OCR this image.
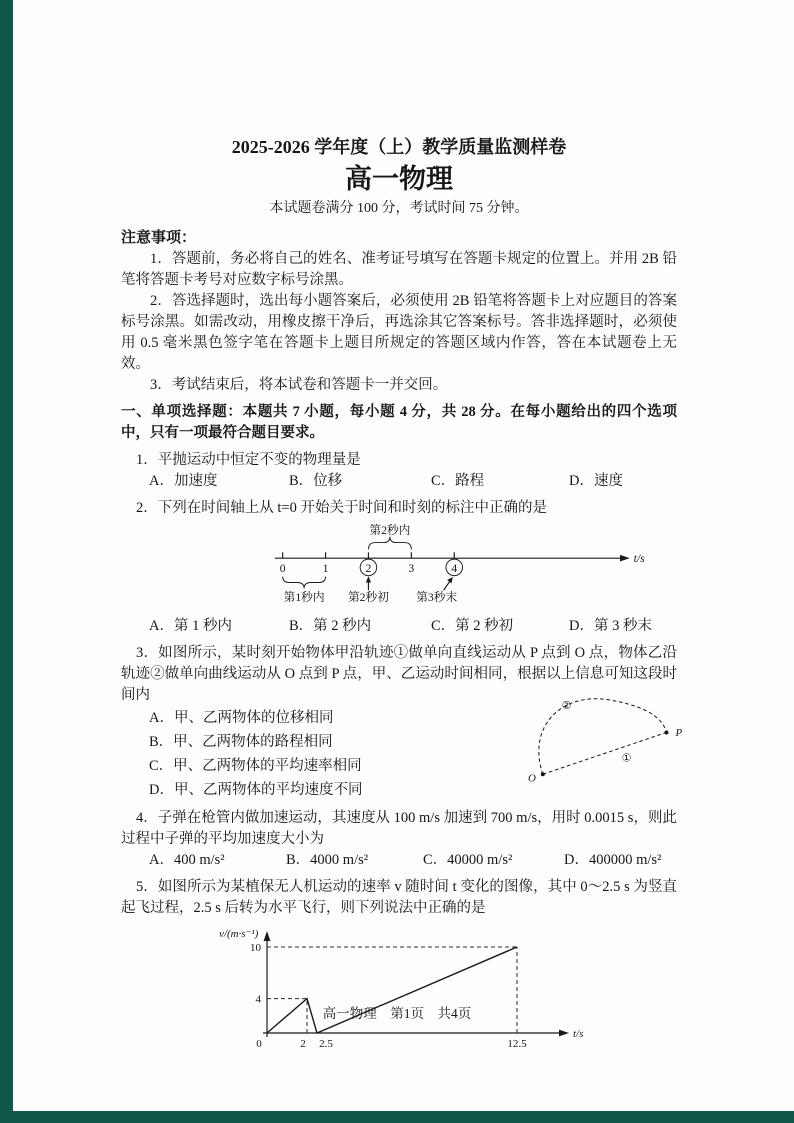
2025-2026 学年度（上）教学质量监测样卷
高一物理
本试题卷满分 100 分，考试时间 75 分钟。
注意事项：

1．答题前，务必将自己的姓名、准考证号填写在答题卡规定的位置上。并用 2B 铅笔将答题卡考号对应数字标号涂黑。

2．答选择题时，选出每小题答案后，必须使用 2B 铅笔将答题卡上对应题目的答案标号涂黑。如需改动，用橡皮擦干净后，再选涂其它答案标号。答非选择题时，必须使用 0.5 毫米黑色签字笔在答题卡上题目所规定的答题区域内作答，答在本试题卷上无效。

3．考试结束后，将本试卷和答题卡一并交回。

一、单项选择题：本题共 7 小题，每小题 4 分，共 28 分。在每小题给出的四个选项中，只有一项最符合题目要求。
1．平抛运动中恒定不变的物理量是
A．加速度	B．位移	C．路程	D．速度
2．下列在时间轴上从 t=0 开始关于时间和时刻的标注中正确的是
第2秒内
t/s
0	1	2	3	4
第1秒内 第2秒初 第3秒末
A．第 1 秒内	B．第 2 秒内	C．第 2 秒初	D．第 3 秒末
3．如图所示，某时刻开始物体甲沿轨迹①做单向直线运动从 P 点到 O 点，物体乙沿轨迹②做单向曲线运动从 O 点到 P 点，甲、乙运动时间相同，根据以上信息可知这段时间内
A．甲、乙两物体的位移相同
B．甲、乙两物体的路程相同
C．甲、乙两物体的平均速率相同
D．甲、乙两物体的平均速度不同
O
P
②
①
4．子弹在枪管内做加速运动，其速度从 100 m/s 加速到 700 m/s，用时 0.0015 s，则此过程中子弹的平均加速度大小为
A．400 m/s²	B．4000 m/s²	C．40000 m/s²	D．400000 m/s²
5．如图所示为某植保无人机运动的速率 v 随时间 t 变化的图像，其中 0～2.5 s 为竖直起飞过程，2.5 s 后转为水平飞行，则下列说法中正确的是
0	2 2.5	12.5
4
10
v/(m·s⁻¹)
t/s
高一物理　第1页　共4页
